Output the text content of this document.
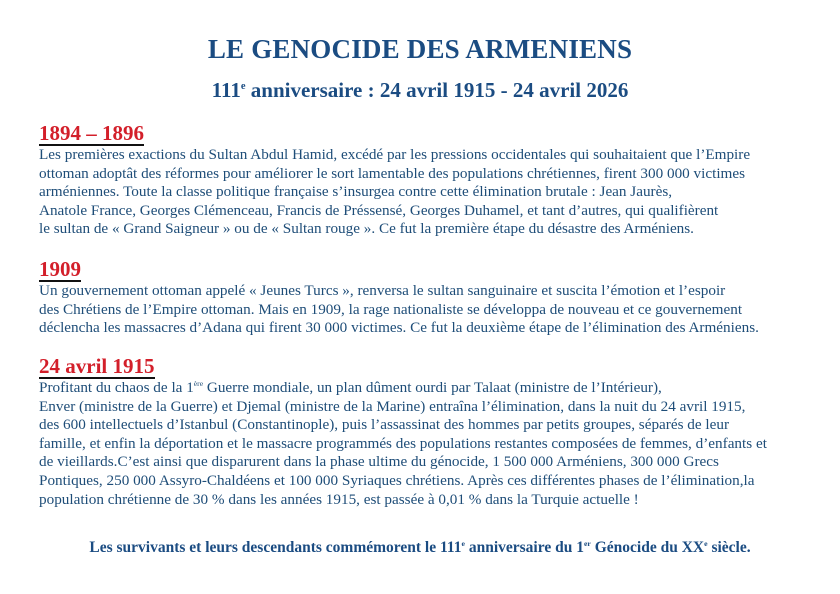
LE GENOCIDE DES ARMENIENS
111e anniversaire : 24 avril 1915 - 24 avril 2026
1894 – 1896
Les premières exactions du Sultan Abdul Hamid, excédé par les pressions occidentales qui souhaitaient que l’Empire
ottoman adoptât des réformes pour améliorer le sort lamentable des populations chrétiennes, firent 300 000 victimes
arméniennes. Toute la classe politique française s’insurgea contre cette élimination brutale : Jean Jaurès,
Anatole France, Georges Clémenceau, Francis de Préssensé, Georges Duhamel, et tant d’autres, qui qualifièrent
le sultan de « Grand Saigneur » ou de « Sultan rouge ». Ce fut la première étape du désastre des Arméniens.
1909
Un gouvernement ottoman appelé « Jeunes Turcs », renversa le sultan sanguinaire et suscita l’émotion et l’espoir
des Chrétiens de l’Empire ottoman. Mais en 1909, la rage nationaliste se développa de nouveau et ce gouvernement
déclencha les massacres d’Adana qui firent 30 000 victimes. Ce fut la deuxième étape de l’élimination des Arméniens.
24 avril 1915
Profitant du chaos de la 1ère Guerre mondiale, un plan dûment ourdi par Talaat (ministre de l’Intérieur),
Enver (ministre de la Guerre) et Djemal (ministre de la Marine) entraîna l’élimination, dans la nuit du 24 avril 1915,
des 600 intellectuels d’Istanbul (Constantinople), puis l’assassinat des hommes par petits groupes, séparés de leur
famille, et enfin la déportation et le massacre programmés des populations restantes composées de femmes, d’enfants et
de vieillards.C’est ainsi que disparurent dans la phase ultime du génocide, 1 500 000 Arméniens, 300 000 Grecs
Pontiques, 250 000 Assyro-Chaldéens et 100 000 Syriaques chrétiens. Après ces différentes phases de l’élimination,la
population chrétienne de 30 % dans les années 1915, est passée à 0,01 % dans la Turquie actuelle !
Les survivants et leurs descendants commémorent le 111e anniversaire du 1er Génocide du XXe siècle.
